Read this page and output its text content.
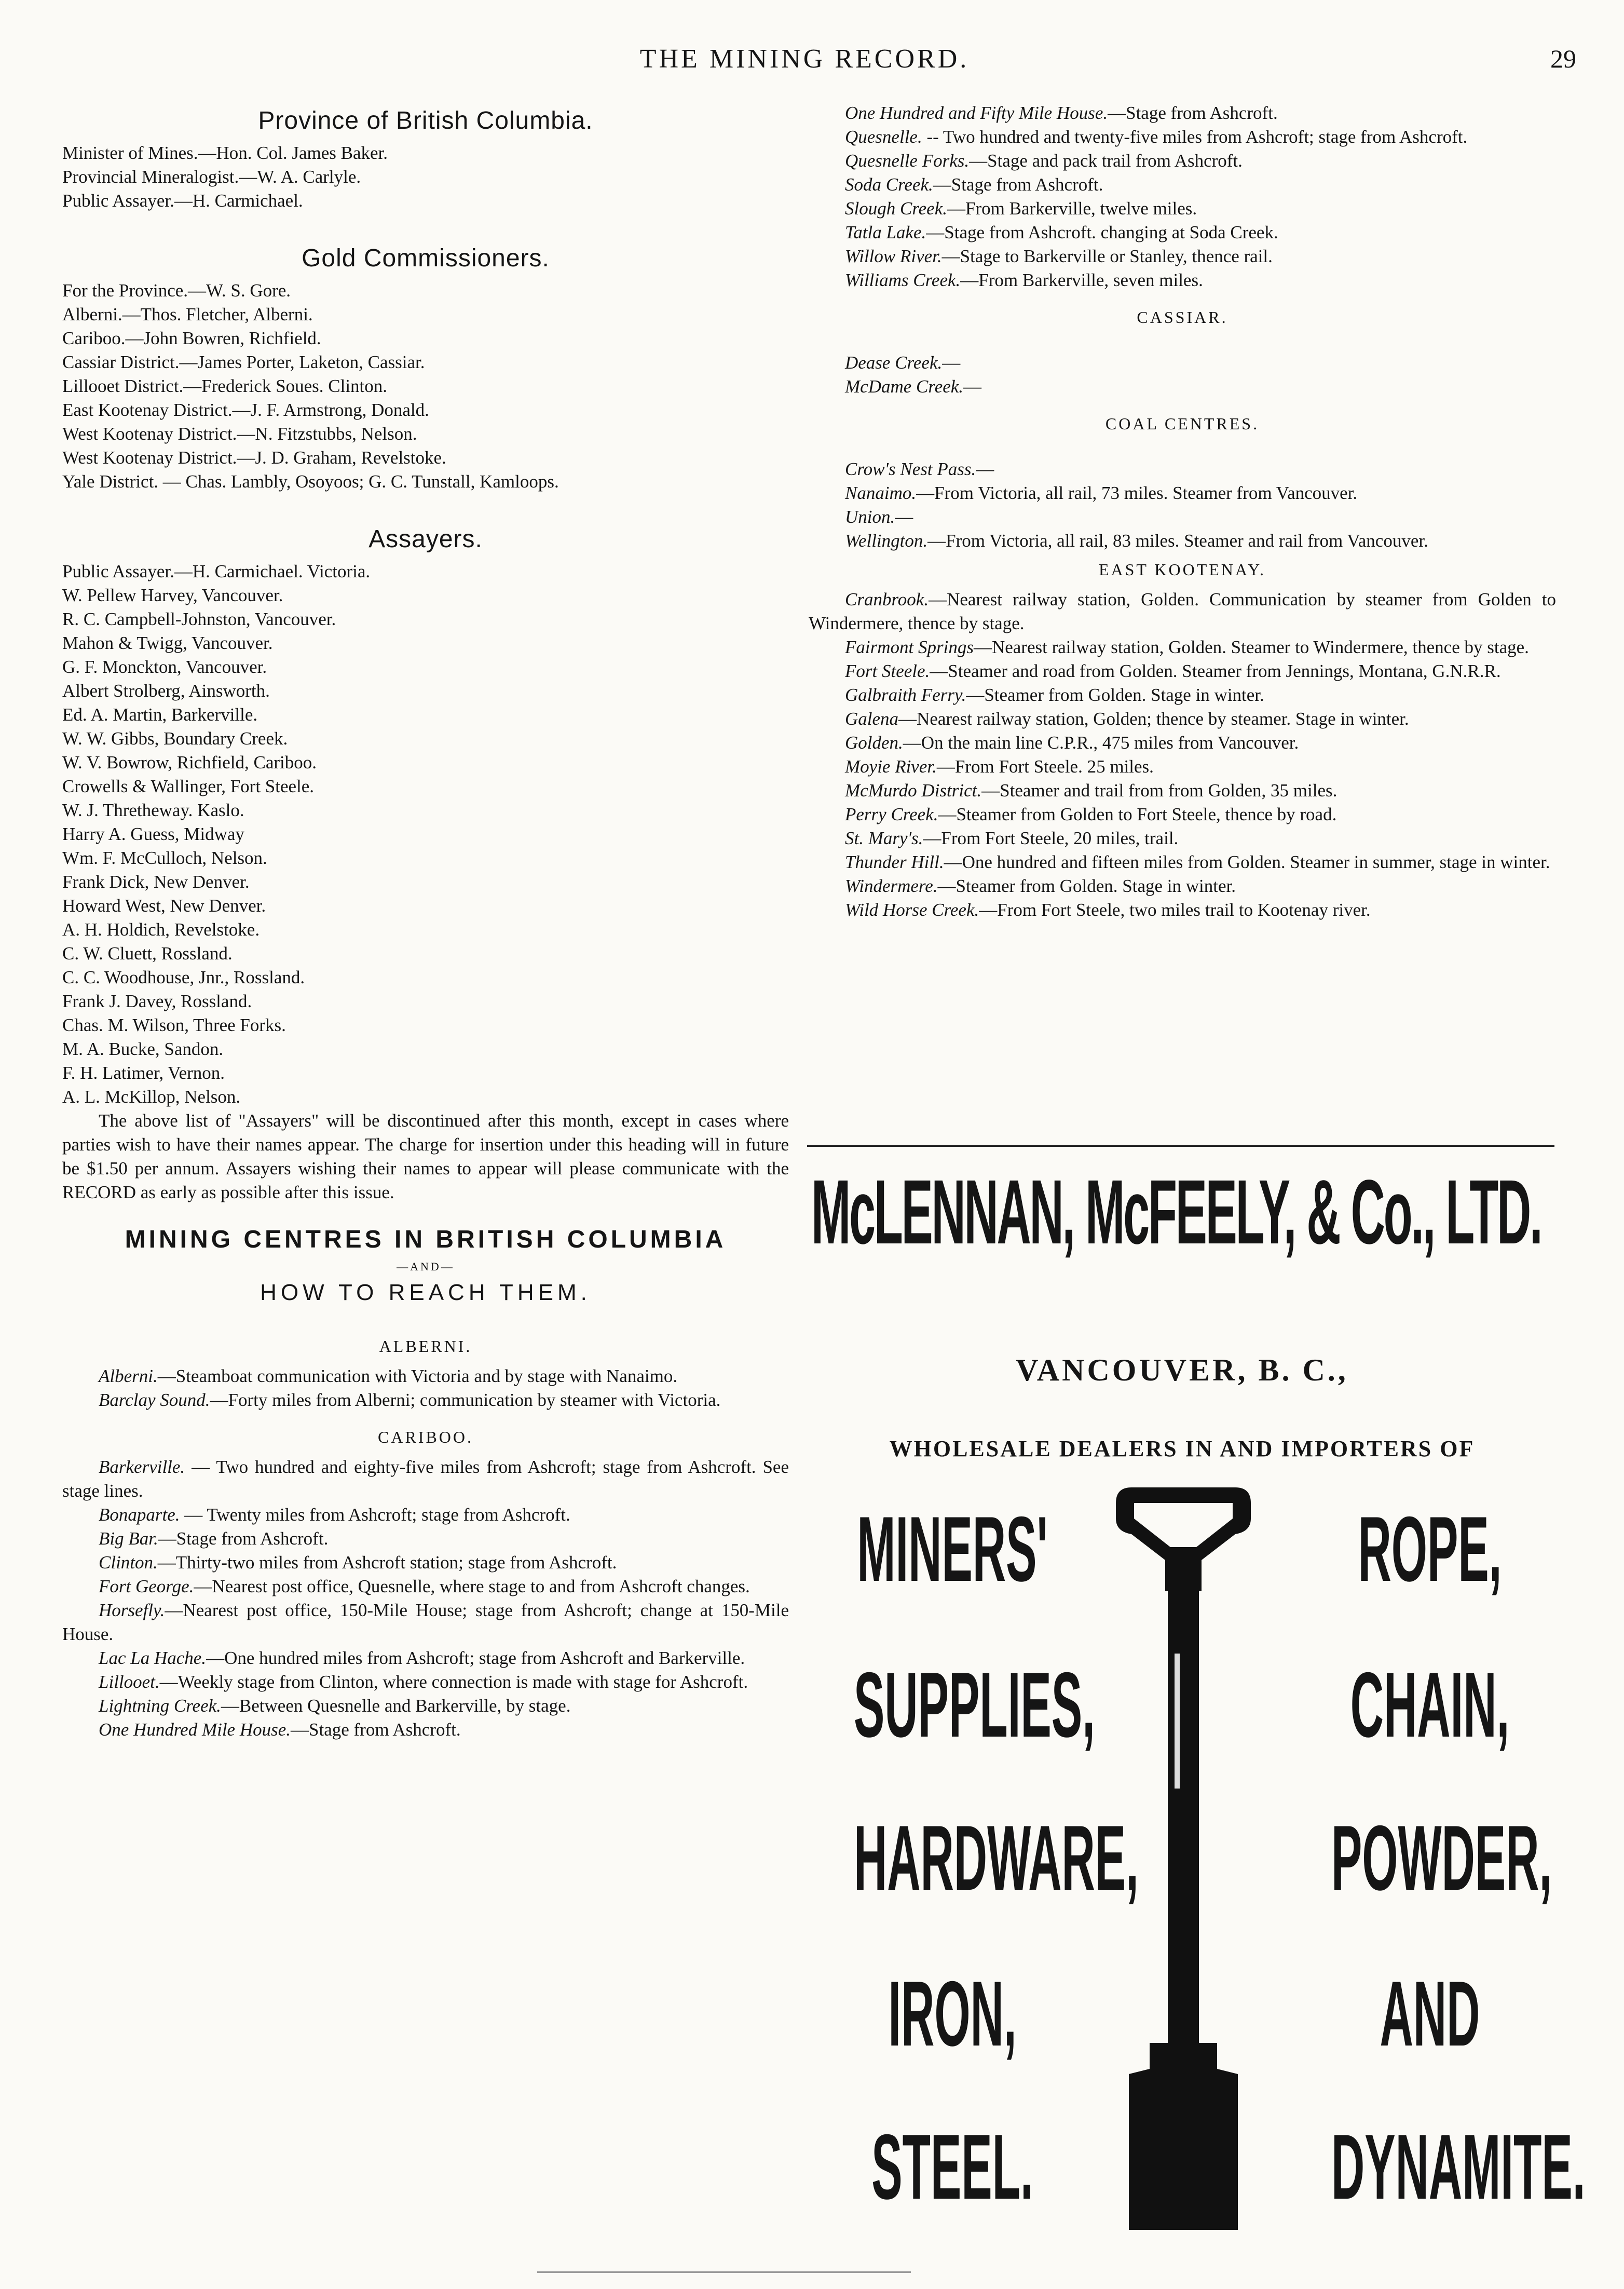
THE MINING RECORD.	29
Province of British Columbia.
Minister of Mines.—Hon. Col. James Baker.
Provincial Mineralogist.—W. A. Carlyle.
Public Assayer.—H. Carmichael.
Gold Commissioners.
For the Province.—W. S. Gore.
Alberni.—Thos. Fletcher, Alberni.
Cariboo.—John Bowren, Richfield.
Cassiar District.—James Porter, Laketon, Cassiar.
Lillooet District.—Frederick Soues. Clinton.
East Kootenay District.—J. F. Armstrong, Donald.
West Kootenay District.—N. Fitzstubbs, Nelson.
West Kootenay District.—J. D. Graham, Revelstoke.
Yale District. — Chas. Lambly, Osoyoos; G. C. Tunstall, Kamloops.
Assayers.
Public Assayer.—H. Carmichael. Victoria.
W. Pellew Harvey, Vancouver.
R. C. Campbell-Johnston, Vancouver.
Mahon & Twigg, Vancouver.
G. F. Monckton, Vancouver.
Albert Strolberg, Ainsworth.
Ed. A. Martin, Barkerville.
W. W. Gibbs, Boundary Creek.
W. V. Bowrow, Richfield, Cariboo.
Crowells & Wallinger, Fort Steele.
W. J. Thretheway. Kaslo.
Harry A. Guess, Midway
Wm. F. McCulloch, Nelson.
Frank Dick, New Denver.
Howard West, New Denver.
A. H. Holdich, Revelstoke.
C. W. Cluett, Rossland.
C. C. Woodhouse, Jnr., Rossland.
Frank J. Davey, Rossland.
Chas. M. Wilson, Three Forks.
M. A. Bucke, Sandon.
F. H. Latimer, Vernon.
A. L. McKillop, Nelson.
The above list of "Assayers" will be discontinued after this month, except in cases where parties wish to have their names appear. The charge for insertion under this heading will in future be $1.50 per annum. Assayers wishing their names to appear will please communicate with the RECORD as early as possible after this issue.
MINING CENTRES IN BRITISH COLUMBIA
—AND—
HOW TO REACH THEM.
ALBERNI.

Alberni.—Steamboat communication with Victoria and by stage with Nanaimo.

Barclay Sound.—Forty miles from Alberni; communication by steamer with Victoria.

CARIBOO.

Barkerville. — Two hundred and eighty-five miles from Ashcroft; stage from Ashcroft. See stage lines.

Bonaparte. — Twenty miles from Ashcroft; stage from Ashcroft.

Big Bar.—Stage from Ashcroft.

Clinton.—Thirty-two miles from Ashcroft station; stage from Ashcroft.

Fort George.—Nearest post office, Quesnelle, where stage to and from Ashcroft changes.

Horsefly.—Nearest post office, 150-Mile House; stage from Ashcroft; change at 150-Mile House.

Lac La Hache.—One hundred miles from Ashcroft; stage from Ashcroft and Barkerville.

Lillooet.—Weekly stage from Clinton, where connection is made with stage for Ashcroft.

Lightning Creek.—Between Quesnelle and Barkerville, by stage.

One Hundred Mile House.—Stage from Ashcroft.

One Hundred and Fifty Mile House.—Stage from Ashcroft.

Quesnelle. -- Two hundred and twenty-five miles from Ashcroft; stage from Ashcroft.

Quesnelle Forks.—Stage and pack trail from Ashcroft.

Soda Creek.—Stage from Ashcroft.

Slough Creek.—From Barkerville, twelve miles.

Tatla Lake.—Stage from Ashcroft. changing at Soda Creek.

Willow River.—Stage to Barkerville or Stanley, thence rail.

Williams Creek.—From Barkerville, seven miles.

CASSIAR.

Dease Creek.—

McDame Creek.—

COAL CENTRES.

Crow's Nest Pass.—

Nanaimo.—From Victoria, all rail, 73 miles. Steamer from Vancouver.

Union.—

Wellington.—From Victoria, all rail, 83 miles. Steamer and rail from Vancouver.

EAST KOOTENAY.

Cranbrook.—Nearest railway station, Golden. Communication by steamer from Golden to Windermere, thence by stage.

Fairmont Springs—Nearest railway station, Golden. Steamer to Windermere, thence by stage.

Fort Steele.—Steamer and road from Golden. Steamer from Jennings, Montana, G.N.R.R.

Galbraith Ferry.—Steamer from Golden. Stage in winter.

Galena—Nearest railway station, Golden; thence by steamer. Stage in winter.

Golden.—On the main line C.P.R., 475 miles from Vancouver.

Moyie River.—From Fort Steele. 25 miles.

McMurdo District.—Steamer and trail from from Golden, 35 miles.

Perry Creek.—Steamer from Golden to Fort Steele, thence by road.

St. Mary's.—From Fort Steele, 20 miles, trail.

Thunder Hill.—One hundred and fifteen miles from Golden. Steamer in summer, stage in winter.

Windermere.—Steamer from Golden. Stage in winter.

Wild Horse Creek.—From Fort Steele, two miles trail to Kootenay river.

McLENNAN, McFEELY, & Co., LTD.
VANCOUVER, B. C.,
WHOLESALE DEALERS IN AND IMPORTERS OF
MINERS'
SUPPLIES,
HARDWARE,
IRON,
STEEL.
ROPE,
CHAIN,
POWDER,
AND
DYNAMITE.
